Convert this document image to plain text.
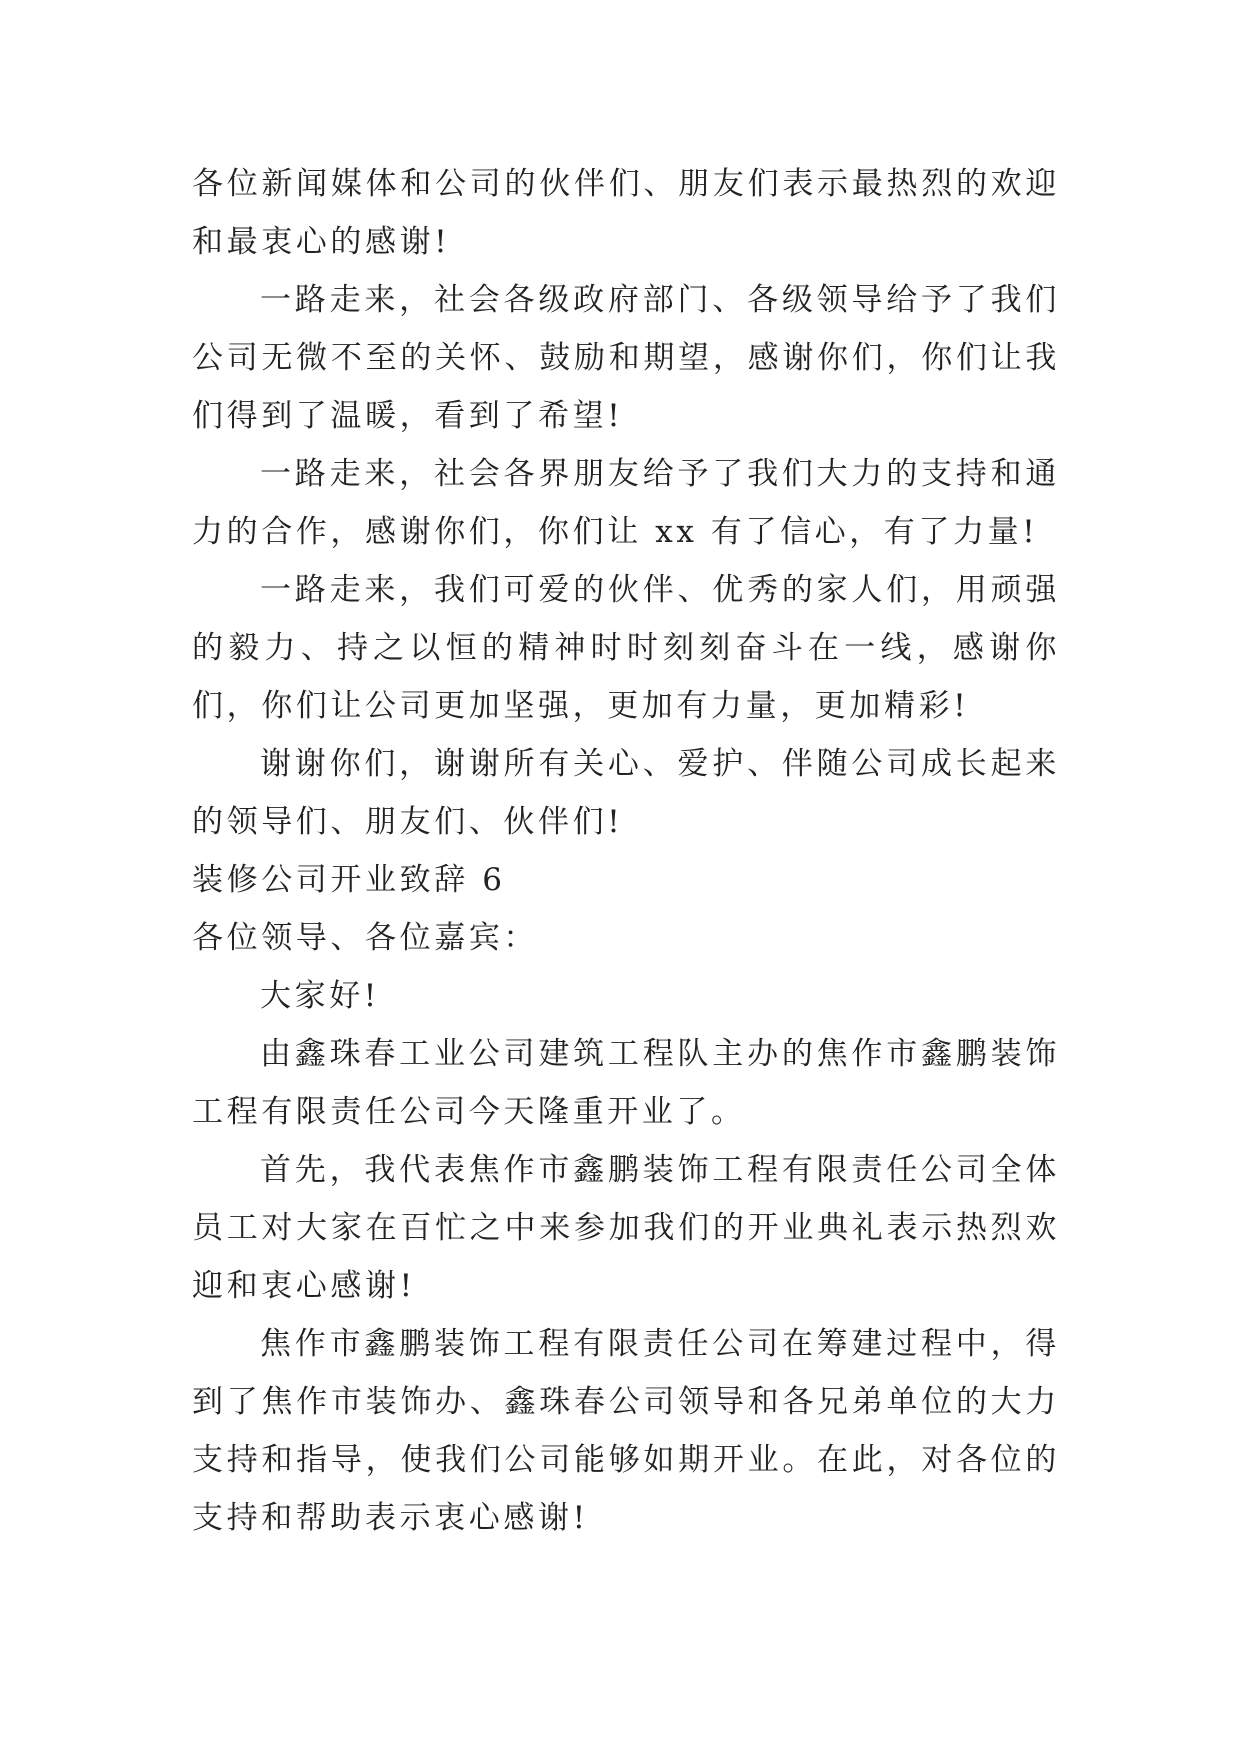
各位新闻媒体和公司的伙伴们、朋友们表示最热烈的欢迎和最衷心的感谢!

一路走来，社会各级政府部门、各级领导给予了我们公司无微不至的关怀、鼓励和期望，感谢你们，你们让我们得到了温暖，看到了希望!

一路走来，社会各界朋友给予了我们大力的支持和通力的合作，感谢你们，你们让 xx 有了信心，有了力量!

一路走来，我们可爱的伙伴、优秀的家人们，用顽强的毅力、持之以恒的精神时时刻刻奋斗在一线，感谢你们，你们让公司更加坚强，更加有力量，更加精彩!

谢谢你们，谢谢所有关心、爱护、伴随公司成长起来的领导们、朋友们、伙伴们!

装修公司开业致辞 6

各位领导、各位嘉宾：

大家好!

由鑫珠春工业公司建筑工程队主办的焦作市鑫鹏装饰工程有限责任公司今天隆重开业了。

首先，我代表焦作市鑫鹏装饰工程有限责任公司全体员工对大家在百忙之中来参加我们的开业典礼表示热烈欢迎和衷心感谢!

焦作市鑫鹏装饰工程有限责任公司在筹建过程中，得到了焦作市装饰办、鑫珠春公司领导和各兄弟单位的大力支持和指导，使我们公司能够如期开业。在此，对各位的支持和帮助表示衷心感谢!
